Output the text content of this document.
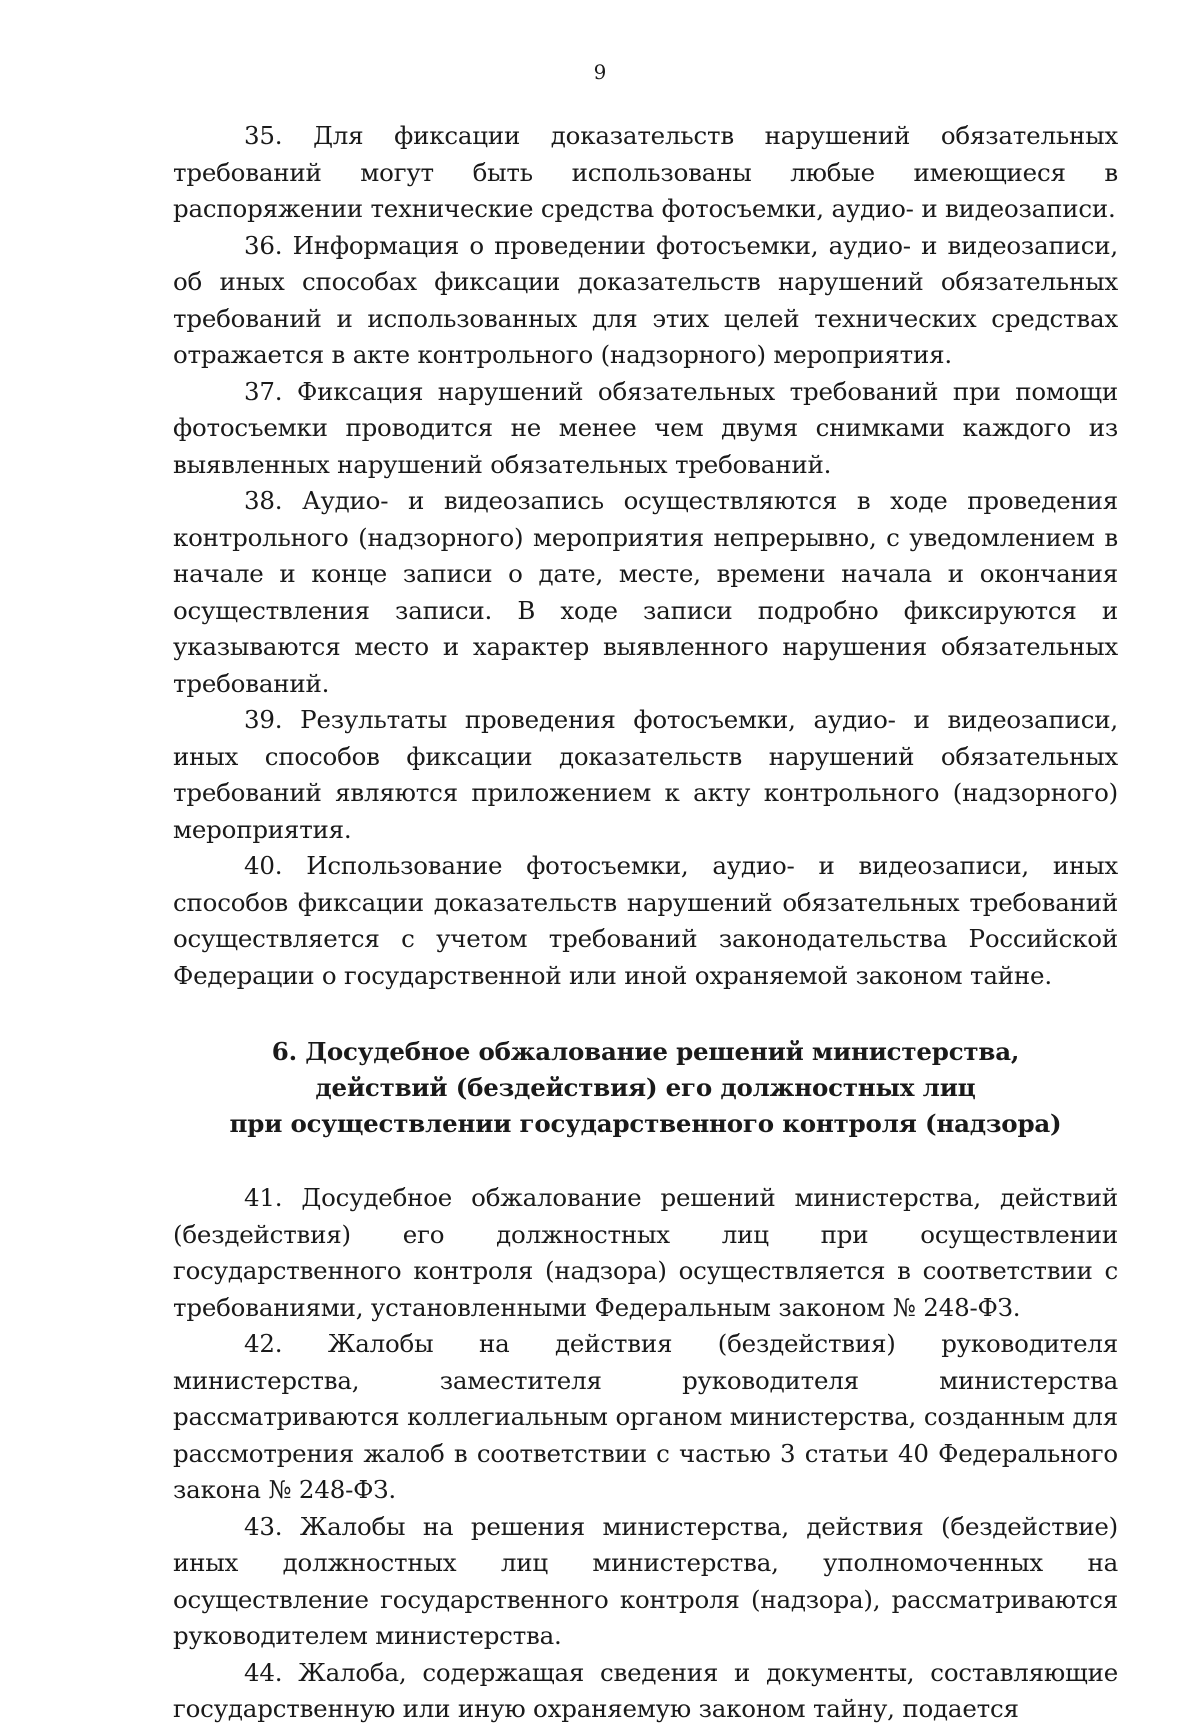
9

35. Для фиксации доказательств нарушений обязательных требований могут быть использованы любые имеющиеся в распоряжении технические средства фотосъемки, аудио- и видеозаписи.

36. Информация о проведении фотосъемки, аудио- и видеозаписи, об иных способах фиксации доказательств нарушений обязательных требований и использованных для этих целей технических средствах отражается в акте контрольного (надзорного) мероприятия.

37. Фиксация нарушений обязательных требований при помощи фотосъемки проводится не менее чем двумя снимками каждого из выявленных нарушений обязательных требований.

38. Аудио- и видеозапись осуществляются в ходе проведения контрольного (надзорного) мероприятия непрерывно, с уведомлением в начале и конце записи о дате, месте, времени начала и окончания осуществления записи. В ходе записи подробно фиксируются и указываются место и характер выявленного нарушения обязательных требований.

39. Результаты проведения фотосъемки, аудио- и видеозаписи, иных способов фиксации доказательств нарушений обязательных требований являются приложением к акту контрольного (надзорного) мероприятия.

40. Использование фотосъемки, аудио- и видеозаписи, иных способов фиксации доказательств нарушений обязательных требований осуществляется с учетом требований законодательства Российской Федерации о государственной или иной охраняемой законом тайне.

6. Досудебное обжалование решений министерства,
действий (бездействия) его должностных лиц
при осуществлении государственного контроля (надзора)

41. Досудебное обжалование решений министерства, действий (бездействия) его должностных лиц при осуществлении государственного контроля (надзора) осуществляется в соответствии с требованиями, установленными Федеральным законом № 248-ФЗ.

42. Жалобы на действия (бездействия) руководителя министерства, заместителя руководителя министерства рассматриваются коллегиальным органом министерства, созданным для рассмотрения жалоб в соответствии с частью 3 статьи 40 Федерального закона № 248-ФЗ.

43. Жалобы на решения министерства, действия (бездействие) иных должностных лиц министерства, уполномоченных на осуществление государственного контроля (надзора), рассматриваются руководителем министерства.

44. Жалоба, содержащая сведения и документы, составляющие государственную или иную охраняемую законом тайну, подается
